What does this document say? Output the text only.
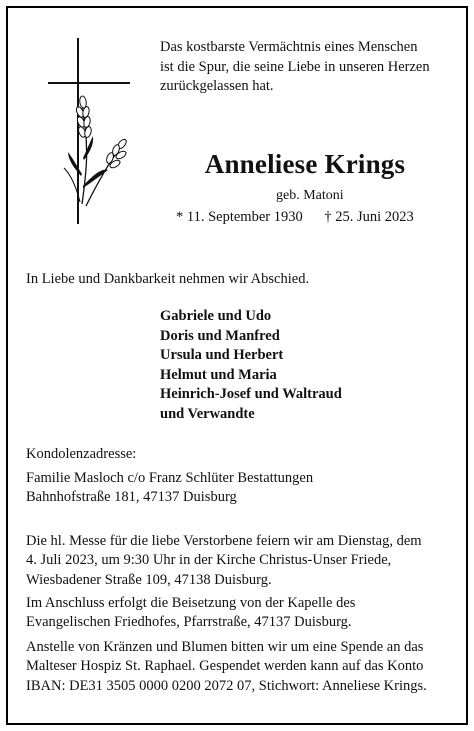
Das kostbarste Vermächtnis eines Menschen
ist die Spur, die seine Liebe in unseren Herzen
zurückgelassen hat.

Anneliese Krings

geb. Matoni

* 11. September 1930 † 25. Juni 2023

In Liebe und Dankbarkeit nehmen wir Abschied.

Gabriele und Udo
Doris und Manfred
Ursula und Herbert
Helmut und Maria
Heinrich-Josef und Waltraud
und Verwandte

Kondolenzadresse:

Familie Masloch c/o Franz Schlüter Bestattungen
Bahnhofstraße 181, 47137 Duisburg

Die hl. Messe für die liebe Verstorbene feiern wir am Dienstag, dem
4. Juli 2023, um 9:30 Uhr in der Kirche Christus-Unser Friede,
Wiesbadener Straße 109, 47138 Duisburg.

Im Anschluss erfolgt die Beisetzung von der Kapelle des
Evangelischen Friedhofes, Pfarrstraße, 47137 Duisburg.

Anstelle von Kränzen und Blumen bitten wir um eine Spende an das
Malteser Hospiz St. Raphael. Gespendet werden kann auf das Konto
IBAN: DE31 3505 0000 0200 2072 07, Stichwort: Anneliese Krings.
